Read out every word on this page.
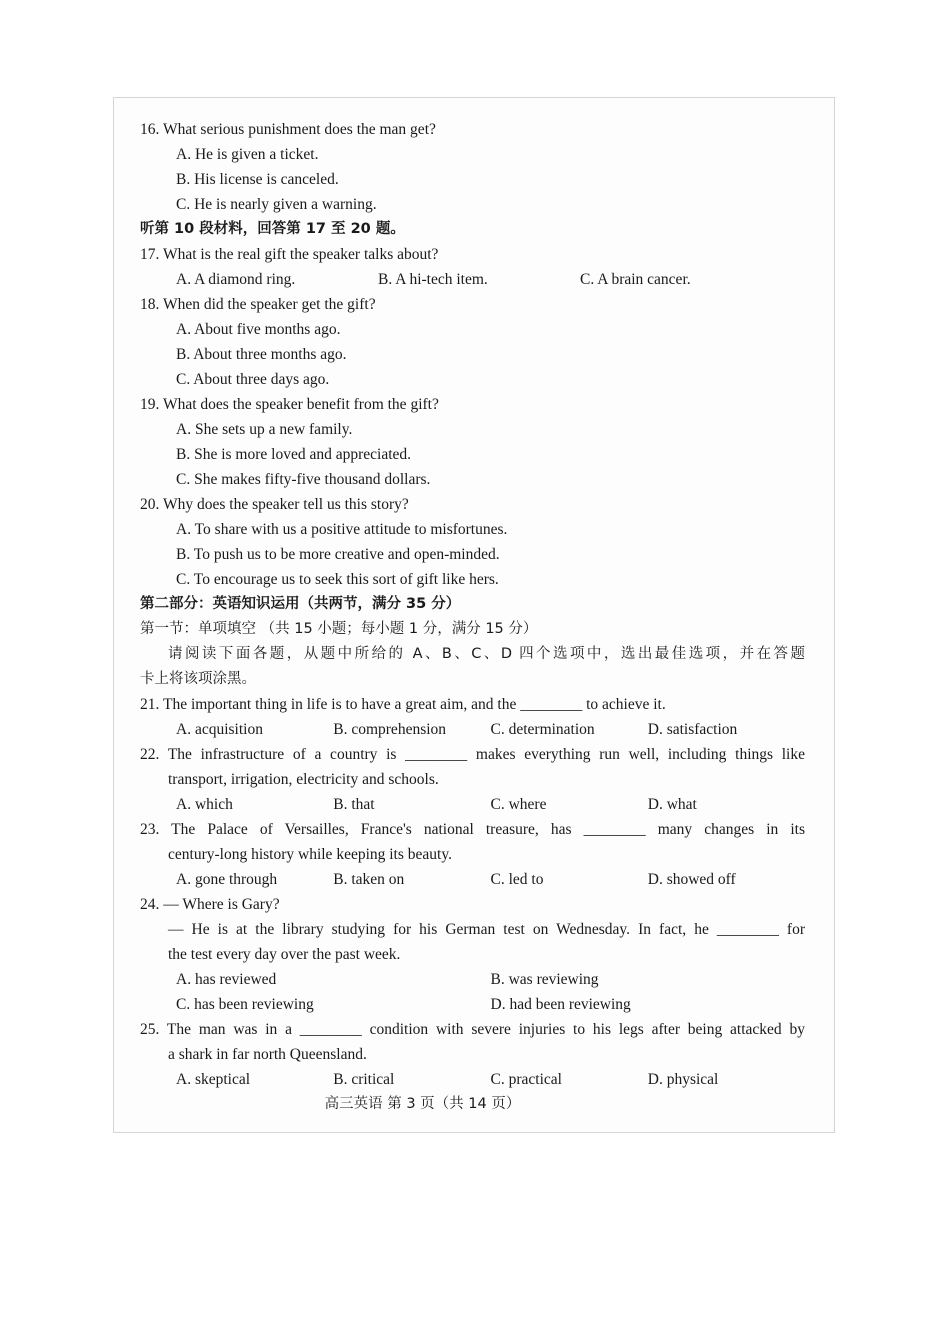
16. What serious punishment does the man get?
A. He is given a ticket.
B. His license is canceled.
C. He is nearly given a warning.
听第 10 段材料，回答第 17 至 20 题。
17. What is the real gift the speaker talks about?
A. A diamond ring.	B. A hi-tech item.	C. A brain cancer.
18. When did the speaker get the gift?
A. About five months ago.
B. About three months ago.
C. About three days ago.
19. What does the speaker benefit from the gift?
A. She sets up a new family.
B. She is more loved and appreciated.
C. She makes fifty-five thousand dollars.
20. Why does the speaker tell us this story?
A. To share with us a positive attitude to misfortunes.
B. To push us to be more creative and open-minded.
C. To encourage us to seek this sort of gift like hers.
第二部分：英语知识运用（共两节，满分 35 分）
第一节：单项填空 （共 15 小题；每小题 1 分，满分 15 分）
请阅读下面各题，从题中所给的 A、B、C、D 四个选项中，选出最佳选项，并在答题
卡上将该项涂黑。
21. The important thing in life is to have a great aim, and the ________ to achieve it.
A. acquisition	B. comprehension	C. determination	D. satisfaction
22. The infrastructure of a country is ________ makes everything run well, including things like
transport, irrigation, electricity and schools.
A. which	B. that	C. where	D. what
23. The Palace of Versailles, France's national treasure, has ________ many changes in its
century-long history while keeping its beauty.
A. gone through	B. taken on	C. led to	D. showed off
24. — Where is Gary?
— He is at the library studying for his German test on Wednesday. In fact, he ________ for
the test every day over the past week.
A. has reviewed	B. was reviewing
C. has been reviewing	D. had been reviewing
25. The man was in a ________ condition with severe injuries to his legs after being attacked by
a shark in far north Queensland.
A. skeptical	B. critical	C. practical	D. physical
高三英语 第 3 页（共 14 页）
